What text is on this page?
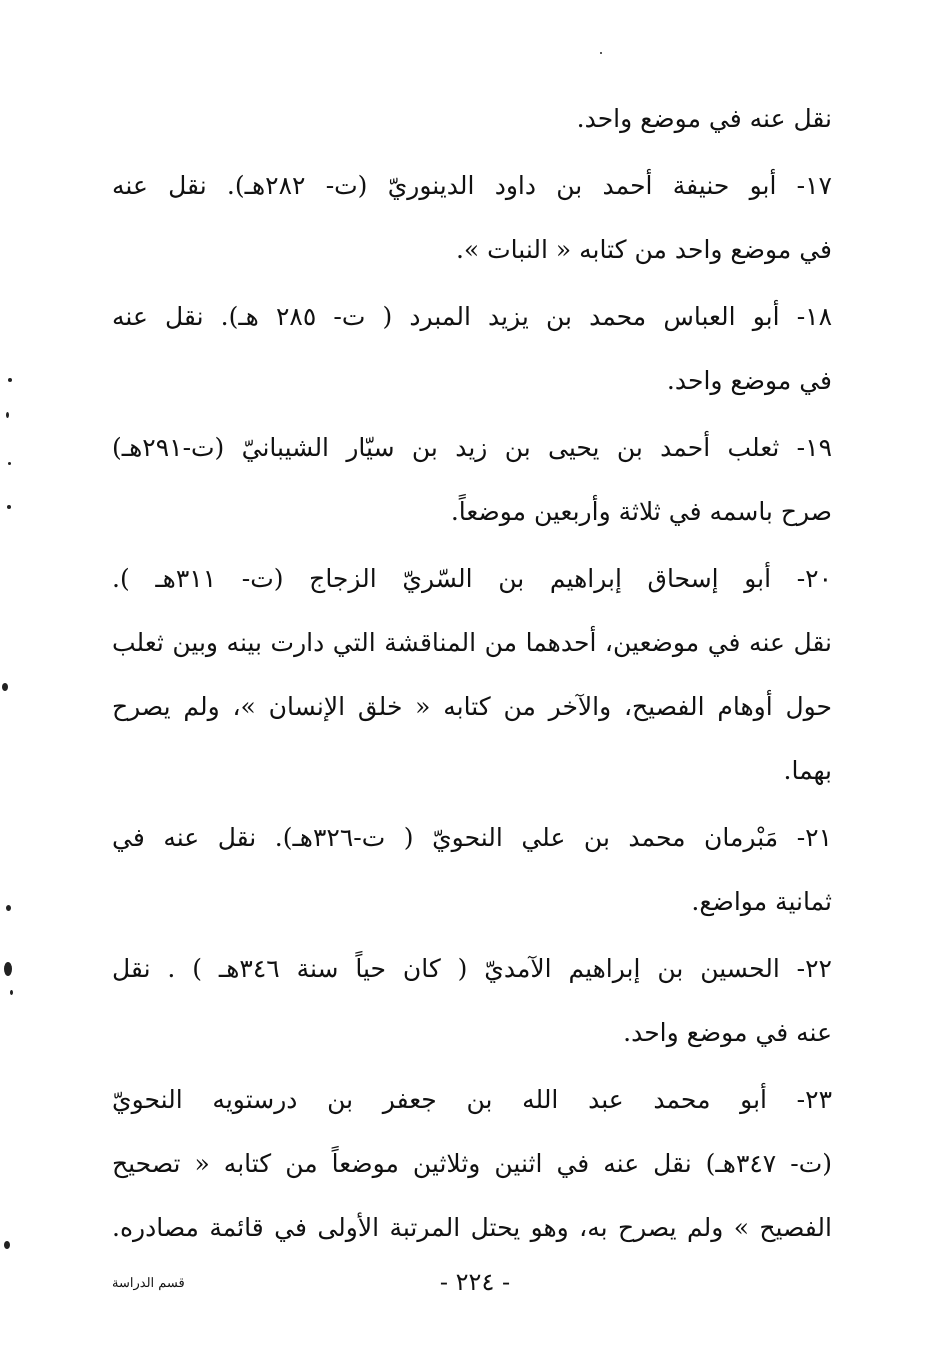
نقل عنه في موضع واحد.
١٧- أبو حنيفة أحمد بن داود الدينوريّ (ت- ٢٨٢هـ). نقل عنه
في موضع واحد من كتابه « النبات ».
١٨- أبو العباس محمد بن يزيد المبرد ( ت- ٢٨٥ هـ). نقل عنه
في موضع واحد.
١٩- ثعلب أحمد بن يحيى بن زيد بن سيّار الشيبانيّ (ت-٢٩١هـ)
صرح باسمه في ثلاثة وأربعين موضعاً.
٢٠- أبو إسحاق إبراهيم بن السّريّ الزجاج (ت- ٣١١هـ ).
نقل عنه في موضعين، أحدهما من المناقشة التي دارت بينه وبين ثعلب
حول أوهام الفصيح، والآخر من كتابه « خلق الإنسان »، ولم يصرح
بهما.
٢١- مَبْرمان محمد بن علي النحويّ ( ت-٣٢٦هـ). نقل عنه في
ثمانية مواضع.
٢٢- الحسين بن إبراهيم الآمديّ ( كان حياً سنة ٣٤٦هـ ) . نقل
عنه في موضع واحد.
٢٣- أبو محمد عبد الله بن جعفر بن درستويه النحويّ
(ت- ٣٤٧هـ) نقل عنه في اثنين وثلاثين موضعاً من كتابه « تصحيح
الفصيح » ولم يصرح به، وهو يحتل المرتبة الأولى في قائمة مصادره.
- ٢٢٤ -
قسم الدراسة
